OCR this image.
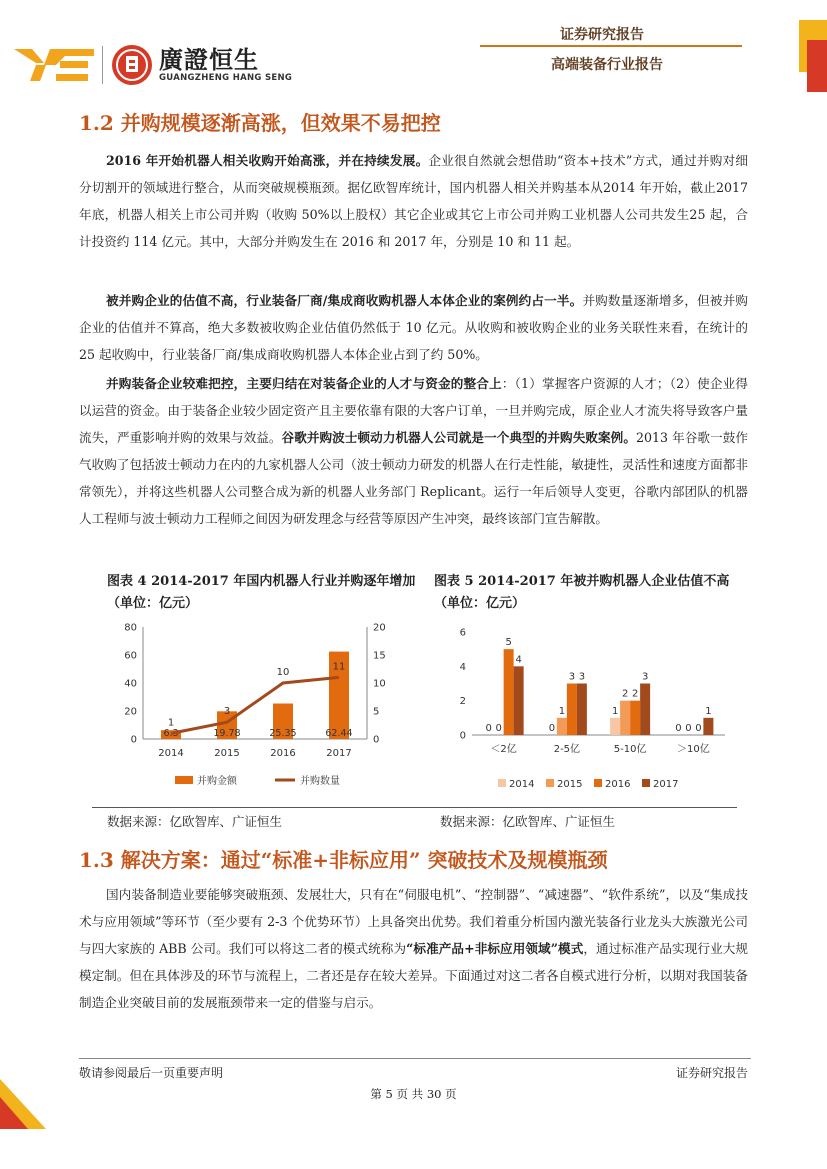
廣證恒生
GUANGZHENG HANG SENG
证券研究报告
高端装备行业报告
1.2 并购规模逐渐高涨，但效果不易把控
2016 年开始机器人相关收购开始高涨，并在持续发展。企业很自然就会想借助“资本+技术”方式，通过并购对细分切割开的领域进行整合，从而突破规模瓶颈。据亿欧智库统计，国内机器人相关并购基本从2014 年开始，截止2017 年底，机器人相关上市公司并购（收购 50%以上股权）其它企业或其它上市公司并购工业机器人公司共发生25 起，合计投资约 114 亿元。其中，大部分并购发生在 2016 和 2017 年，分别是 10 和 11 起。
被并购企业的估值不高，行业装备厂商/集成商收购机器人本体企业的案例约占一半。并购数量逐渐增多，但被并购企业的估值并不算高，绝大多数被收购企业估值仍然低于 10 亿元。从收购和被收购企业的业务关联性来看，在统计的 25 起收购中，行业装备厂商/集成商收购机器人本体企业占到了约 50%。
并购装备企业较难把控，主要归结在对装备企业的人才与资金的整合上：（1）掌握客户资源的人才；（2）使企业得以运营的资金。由于装备企业较少固定资产且主要依靠有限的大客户订单，一旦并购完成，原企业人才流失将导致客户量流失，严重影响并购的效果与效益。谷歌并购波士顿动力机器人公司就是一个典型的并购失败案例。2013 年谷歌一鼓作气收购了包括波士顿动力在内的九家机器人公司（波士顿动力研发的机器人在行走性能，敏捷性，灵活性和速度方面都非常领先），并将这些机器人公司整合成为新的机器人业务部门 Replicant。运行一年后领导人变更，谷歌内部团队的机器人工程师与波士顿动力工程师之间因为研发理念与经营等原因产生冲突，最终该部门宣告解散。
图表 4 2014-2017 年国内机器人行业并购逐年增加（单位：亿元）
图表 5 2014-2017 年被并购机器人企业估值不高（单位：亿元）
0
20
40
60
80
0
5
10
15
20
6.3	19.78	25.35	62.44
1
3
10
11
2014	2015	2016	2017
并购金额	并购数量
0
2
4
6
0 0
5
4
＜2亿
0
1
3 3
2-5亿
1
2 2
3
5-10亿
0 0 0
1
＞10亿
2014 2015 2016 2017
数据来源：亿欧智库、广证恒生	数据来源：亿欧智库、广证恒生
1.3 解决方案：通过“标准+非标应用” 突破技术及规模瓶颈
国内装备制造业要能够突破瓶颈、发展壮大，只有在“伺服电机”、“控制器”、“减速器”、“软件系统”，以及“集成技术与应用领域”等环节（至少要有 2-3 个优势环节）上具备突出优势。我们着重分析国内激光装备行业龙头大族激光公司与四大家族的 ABB 公司。我们可以将这二者的模式统称为“标准产品+非标应用领域”模式，通过标准产品实现行业大规模定制。但在具体涉及的环节与流程上，二者还是存在较大差异。下面通过对这二者各自模式进行分析，以期对我国装备制造企业突破目前的发展瓶颈带来一定的借鉴与启示。
敬请参阅最后一页重要声明	证券研究报告
第 5 页 共 30 页
